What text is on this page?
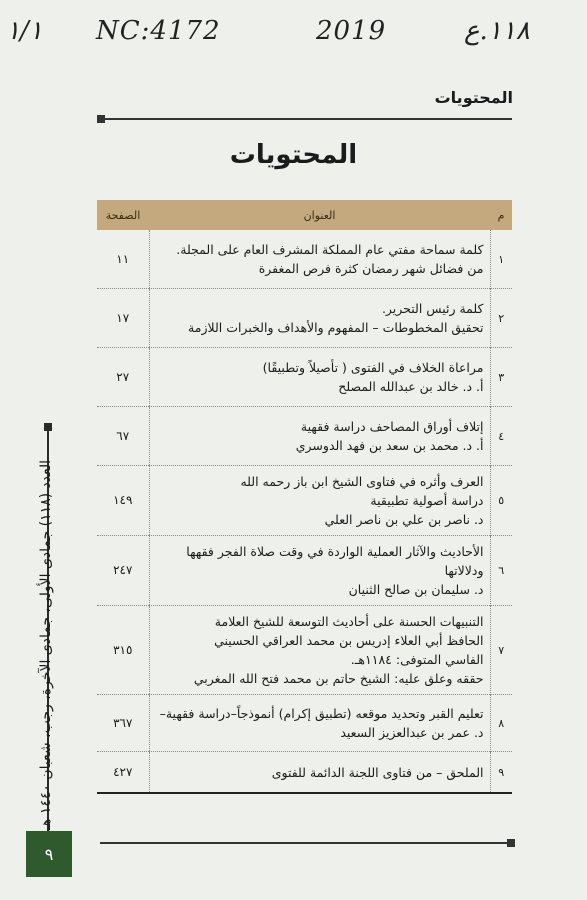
١/١ NC:4172	2019	١١٨.ع
المحتويات
المحتويات
م	العنوان	الصفحة
١	كلمة سماحة مفتي عام المملكة المشرف العام على المجلة.
من فضائل شهر رمضان كثرة فرص المغفرة	١١
٢	كلمة رئيس التحرير.
تحقيق المخطوطات – المفهوم والأهداف والخبرات اللازمة	١٧
٣	مراعاة الخلاف في الفتوى ( تأصيلاً وتطبيقًا)
أ. د. خالد بن عبدالله المصلح	٢٧
٤	إتلاف أوراق المصاحف دراسة فقهية
أ. د. محمد بن سعد بن فهد الدوسري	٦٧
٥	العرف وأثره في فتاوى الشيخ ابن باز رحمه الله
دراسة أصولية تطبيقية
د. ناصر بن علي بن ناصر العلي	١٤٩
٦	الأحاديث والآثار العملية الواردة في وقت صلاة الفجر فقهها
ودلالاتها
د. سليمان بن صالح الثنيان	٢٤٧
٧	التنبيهات الحسنة على أحاديث التوسعة للشيخ العلامة
الحافظ أبي العلاء إدريس بن محمد العراقي الحسيني
الفاسي المتوفى: ١١٨٤هـ.
حققه وعلق عليه: الشيخ حاتم بن محمد فتح الله المغربي	٣١٥
٨	تعليم القبر وتحديد موقعه (تطبيق إكرام) أنموذجاً–دراسة فقهية–
د. عمر بن عبدالعزيز السعيد	٣٦٧
٩	الملحق – من فتاوى اللجنة الدائمة للفتوى	٤٢٧
العدد (١١٨) جمادى الأولى، جمادى الآخرة، رجب، شعبان ١٤٤٠ هـ
٩
